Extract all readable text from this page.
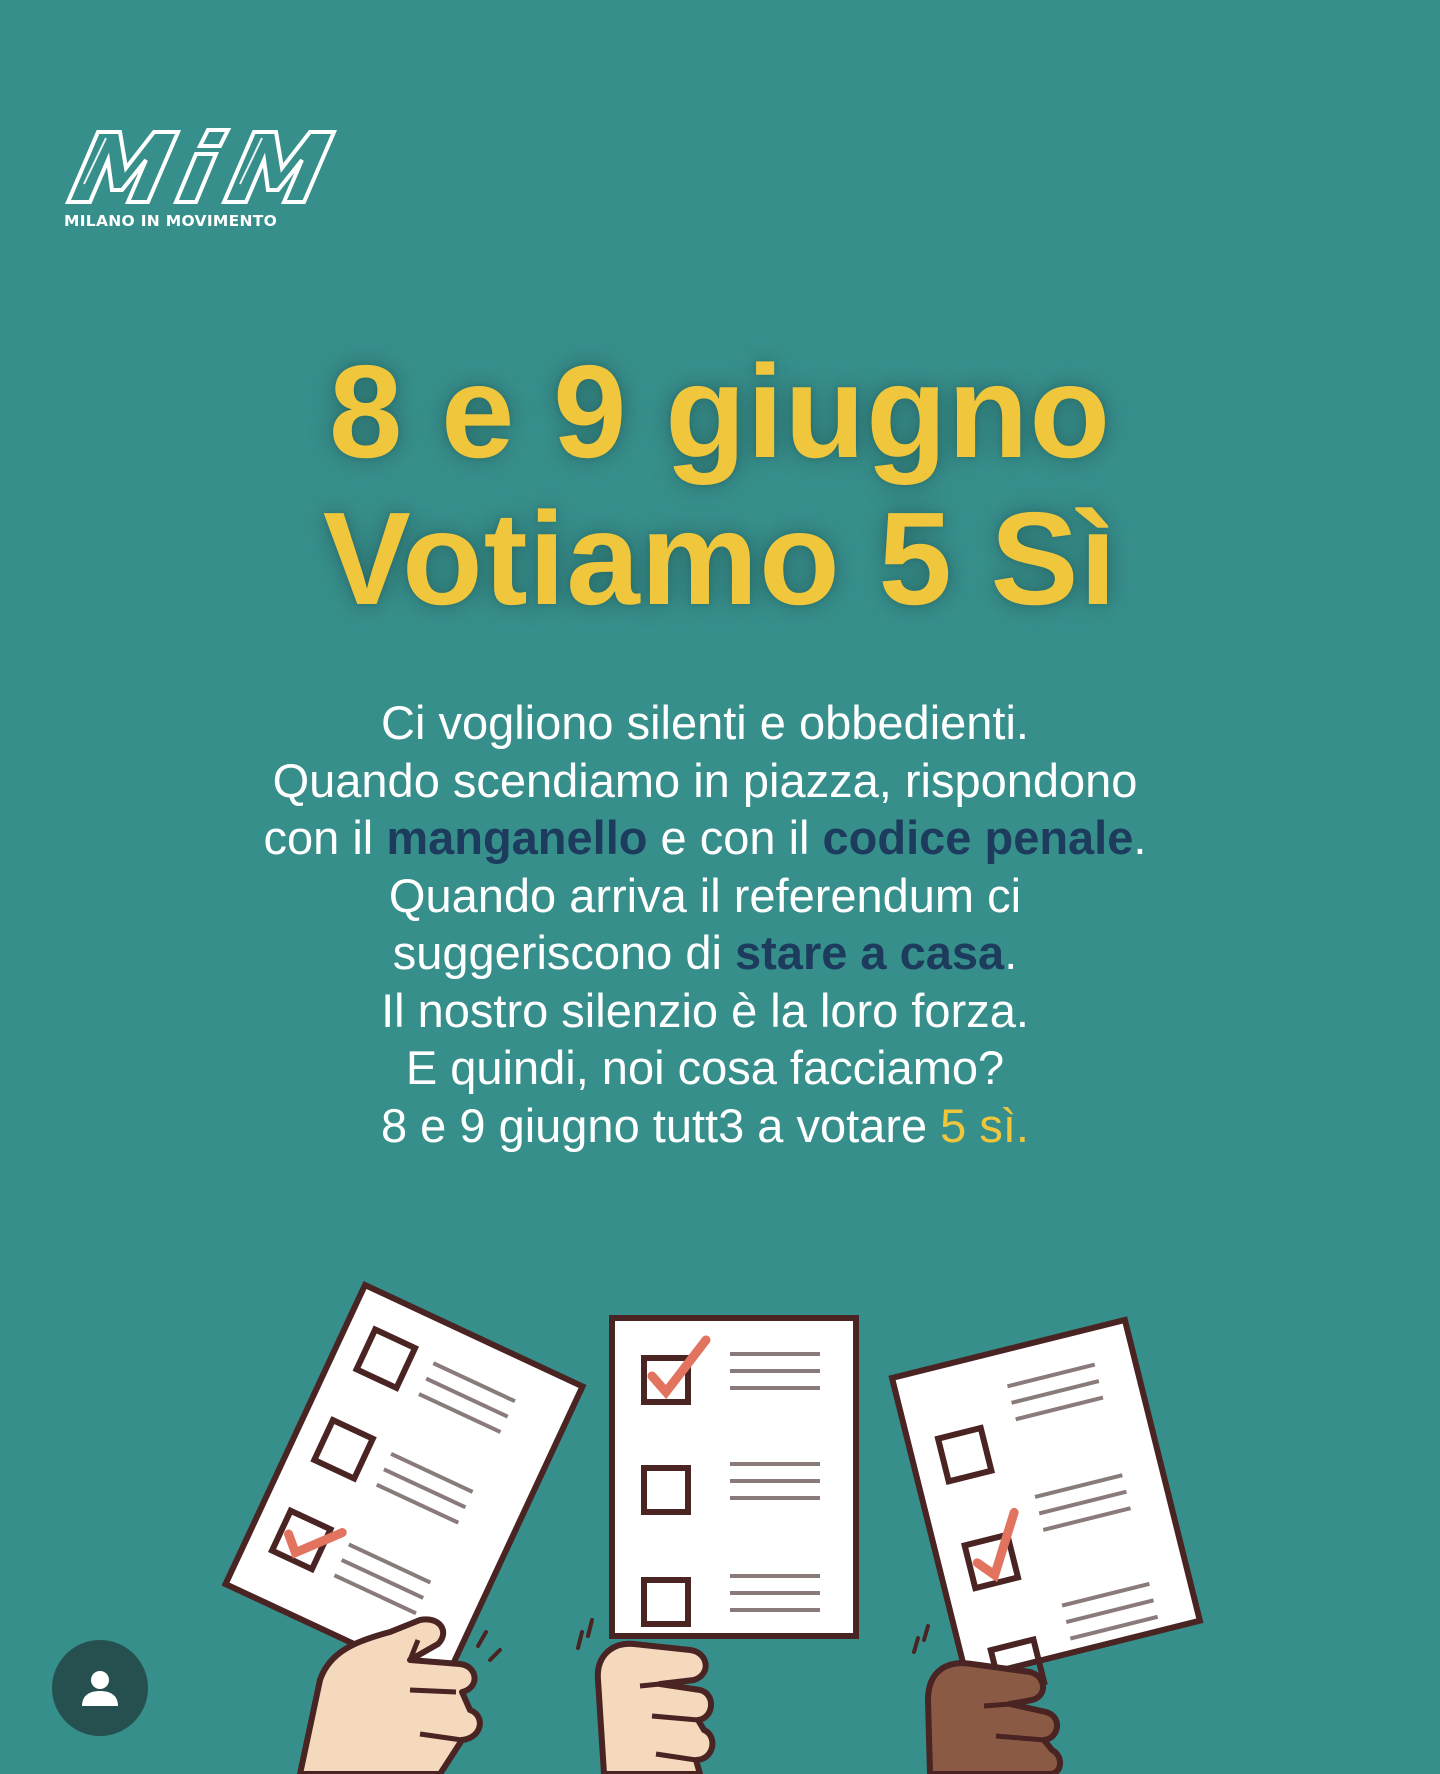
MILANO IN MOVIMENTO
8 e 9 giugno
Votiamo 5 Sì
Ci vogliono silenti e obbedienti.
Quando scendiamo in piazza, rispondono
con il manganello e con il codice penale.
Quando arriva il referendum ci
suggeriscono di stare a casa.
Il nostro silenzio è la loro forza.
E quindi, noi cosa facciamo?
8 e 9 giugno tutt3 a votare 5 sì.
